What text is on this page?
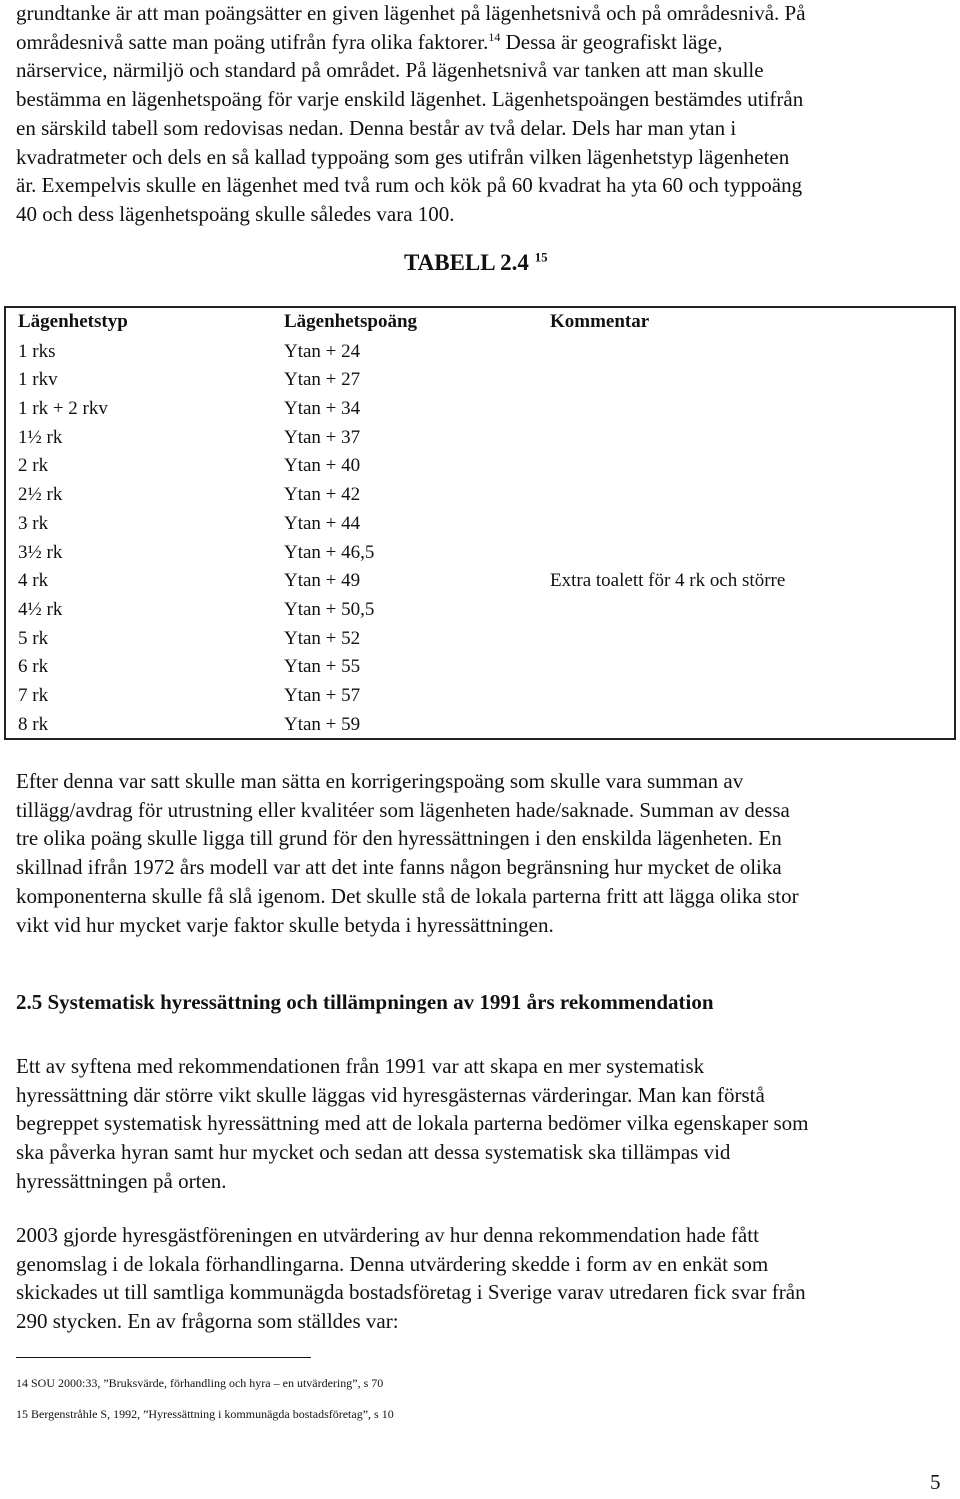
grundtanke är att man poängsätter en given lägenhet på lägenhetsnivå och på områdesnivå. På
områdesnivå satte man poäng utifrån fyra olika faktorer.$^{14}$ Dessa är geografiskt läge,
närservice, närmiljö och standard på området. På lägenhetsnivå var tanken att man skulle
bestämma en lägenhetspoäng för varje enskild lägenhet. Lägenhetspoängen bestämdes utifrån
en särskild tabell som redovisas nedan. Denna består av två delar. Dels har man ytan i
kvadratmeter och dels en så kallad typpoäng som ges utifrån vilken lägenhetstyp lägenheten
är. Exempelvis skulle en lägenhet med två rum och kök på 60 kvadrat ha yta 60 och typpoäng
40 och dess lägenhetspoäng skulle således vara 100.
TABELL 2.4 $^{15}$
Lägenhetstyp	Lägenhetspoäng	Kommentar
1 rks	Ytan + 24
1 rkv	Ytan + 27
1 rk + 2 rkv	Ytan + 34
1½ rk	Ytan + 37
2 rk	Ytan + 40
2½ rk	Ytan + 42
3 rk	Ytan + 44
3½ rk	Ytan + 46,5
4 rk	Ytan + 49	Extra toalett för 4 rk och större
4½ rk	Ytan + 50,5
5 rk	Ytan + 52
6 rk	Ytan + 55
7 rk	Ytan + 57
8 rk	Ytan + 59
Efter denna var satt skulle man sätta en korrigeringspoäng som skulle vara summan av
tillägg/avdrag för utrustning eller kvalitéer som lägenheten hade/saknade. Summan av dessa
tre olika poäng skulle ligga till grund för den hyressättningen i den enskilda lägenheten. En
skillnad ifrån 1972 års modell var att det inte fanns någon begränsning hur mycket de olika
komponenterna skulle få slå igenom. Det skulle stå de lokala parterna fritt att lägga olika stor
vikt vid hur mycket varje faktor skulle betyda i hyressättningen.
2.5 Systematisk hyressättning och tillämpningen av 1991 års rekommendation
Ett av syftena med rekommendationen från 1991 var att skapa en mer systematisk
hyressättning där större vikt skulle läggas vid hyresgästernas värderingar. Man kan förstå
begreppet systematisk hyressättning med att de lokala parterna bedömer vilka egenskaper som
ska påverka hyran samt hur mycket och sedan att dessa systematisk ska tillämpas vid
hyressättningen på orten.
2003 gjorde hyresgästföreningen en utvärdering av hur denna rekommendation hade fått
genomslag i de lokala förhandlingarna. Denna utvärdering skedde i form av en enkät som
skickades ut till samtliga kommunägda bostadsföretag i Sverige varav utredaren fick svar från
290 stycken. En av frågorna som ställdes var:
14 SOU 2000:33, ”Bruksvärde, förhandling och hyra – en utvärdering”, s 70
15 Bergenstråhle S, 1992, ”Hyressättning i kommunägda bostadsföretag”, s 10
5
